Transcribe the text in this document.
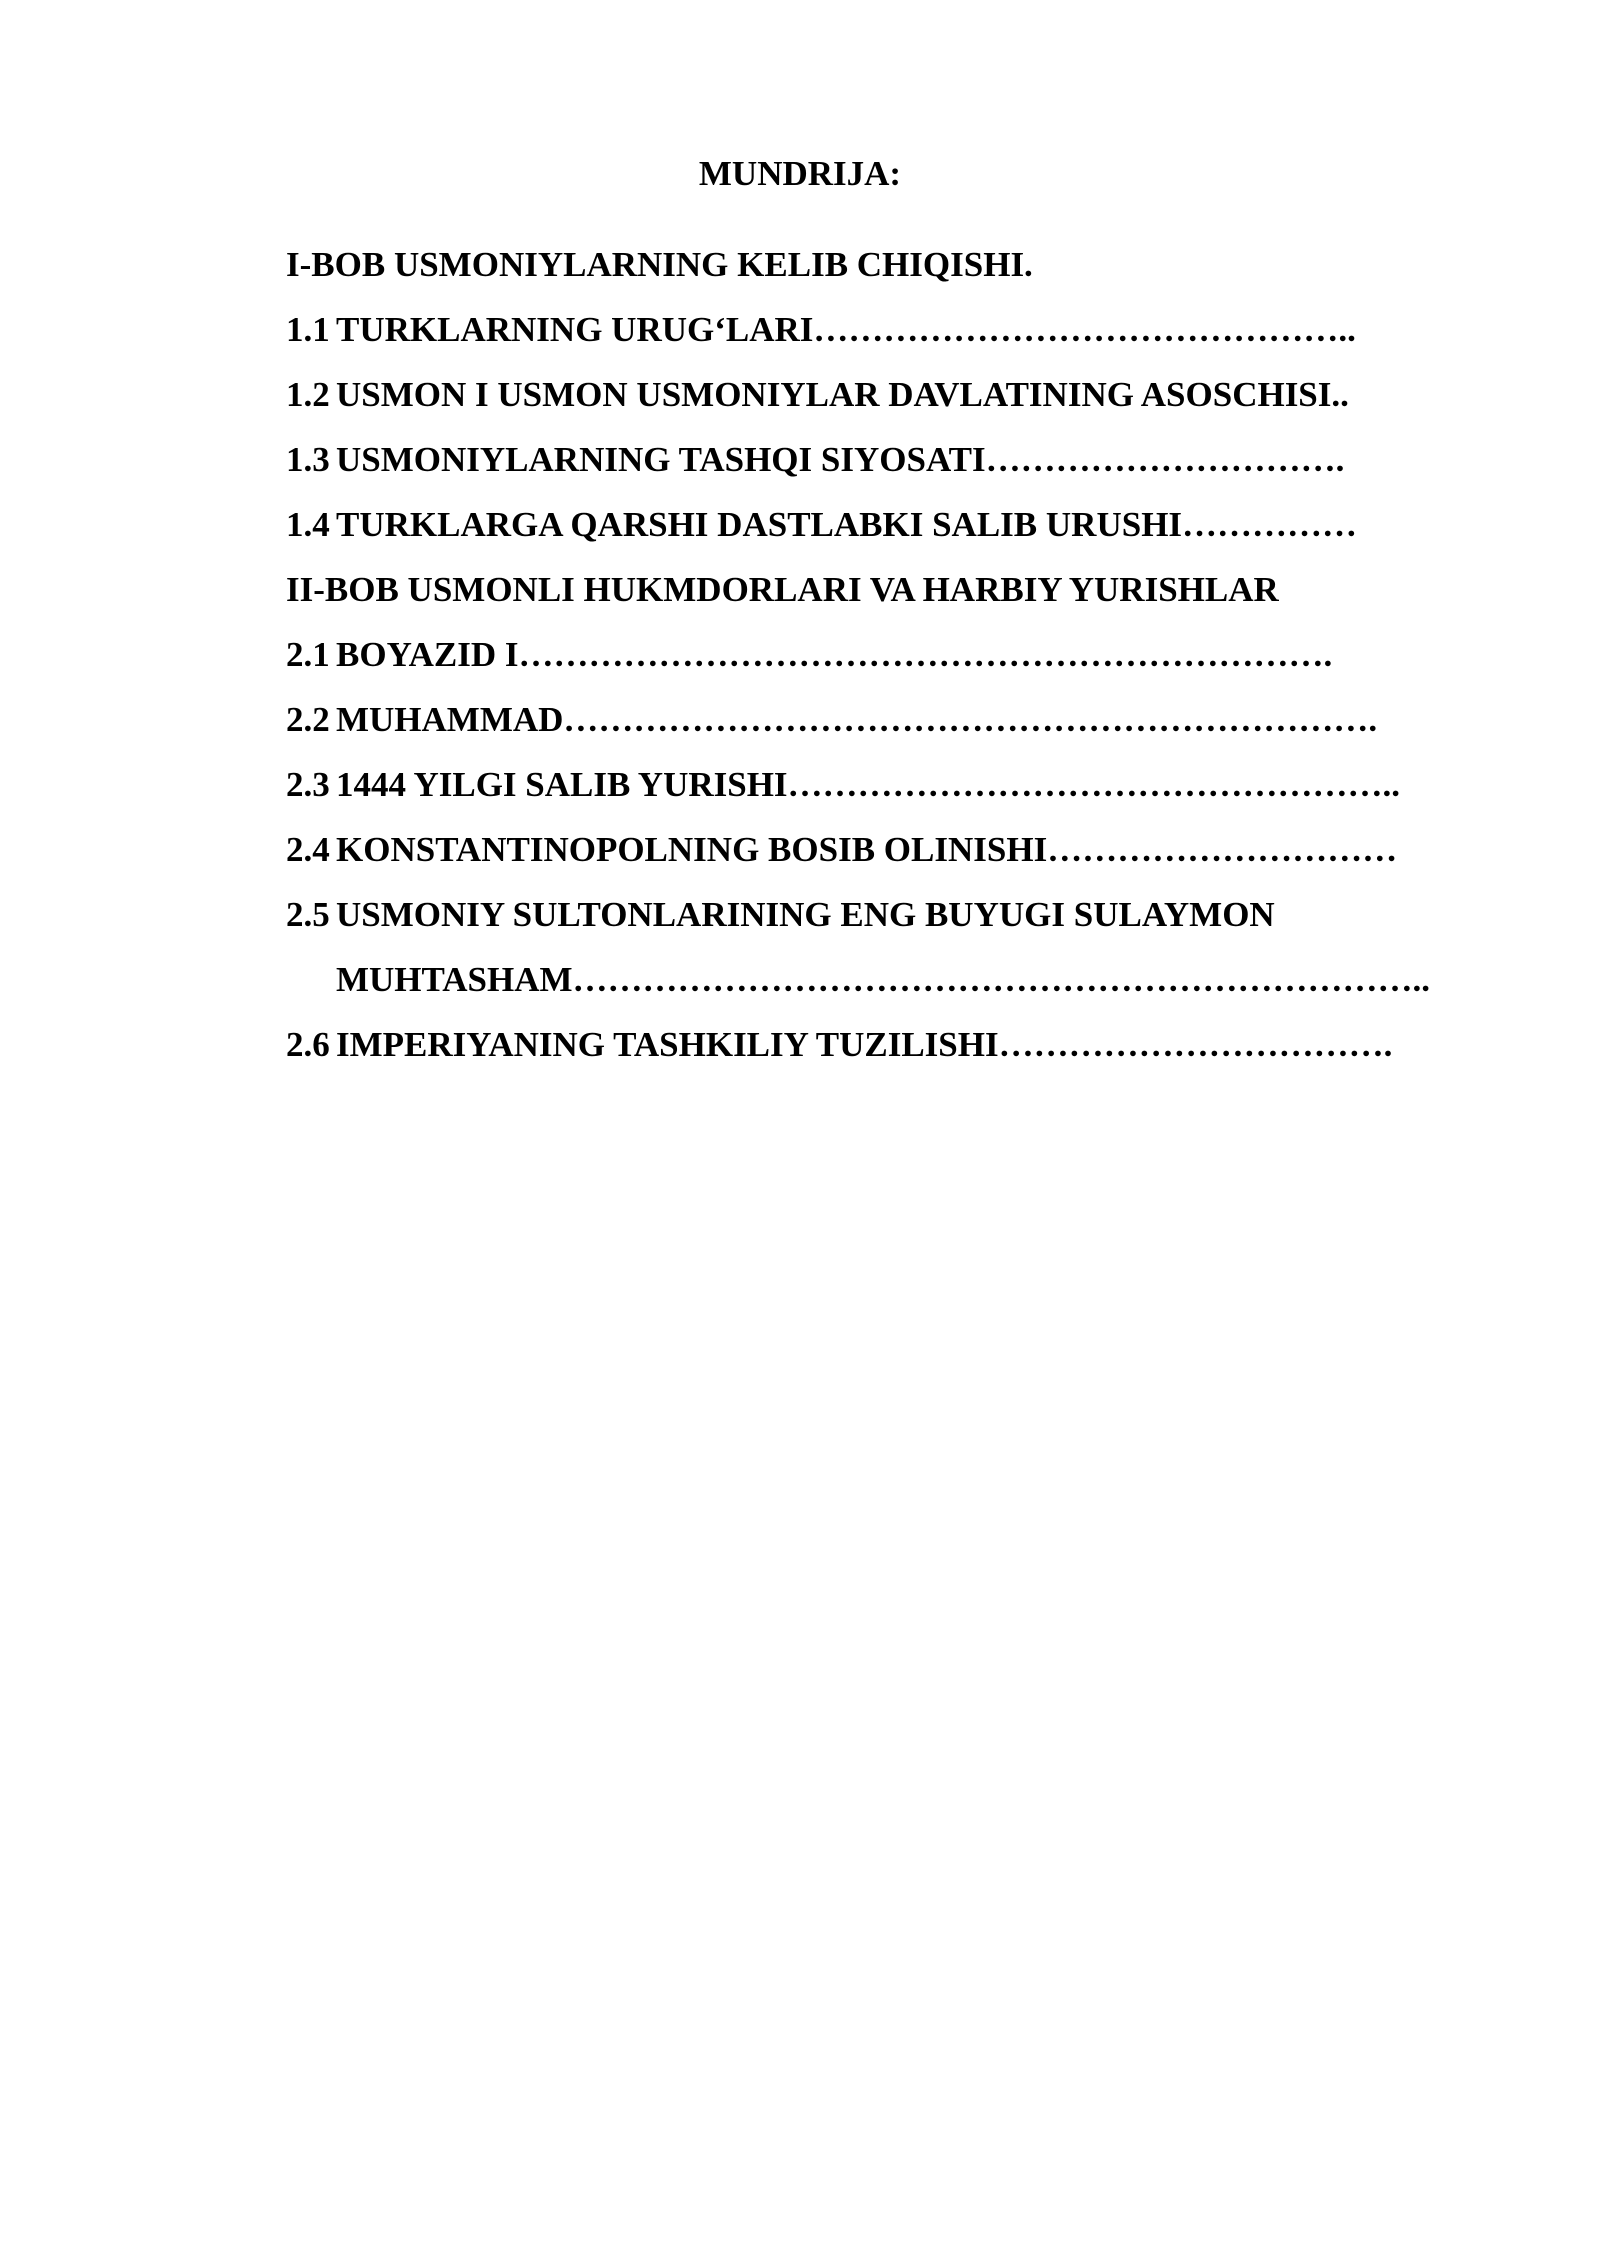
MUNDRIJA:
I-BOB USMONIYLARNING KELIB CHIQISHI.
1.1 TURKLARNING URUG‘LARI………………………………………..
1.2 USMON I USMON USMONIYLAR DAVLATINING ASOSCHISI..
1.3 USMONIYLARNING TASHQI SIYOSATI………………………….
1.4 TURKLARGA QARSHI DASTLABKI SALIB URUSHI……………
II-BOB USMONLI HUKMDORLARI VA HARBIY YURISHLAR
2.1 BOYAZID I…………………………………………………………….
2.2 MUHAMMAD…………………………………………………………….
2.3 1444 YILGI SALIB YURISHI……………………………………………..
2.4 KONSTANTINOPOLNING BOSIB OLINISHI…………………………
2.5 USMONIY SULTONLARINING ENG BUYUGI SULAYMON
MUHTASHAM………………………………………………………………..
2.6 IMPERIYANING TASHKILIY TUZILISHI…………………………….
